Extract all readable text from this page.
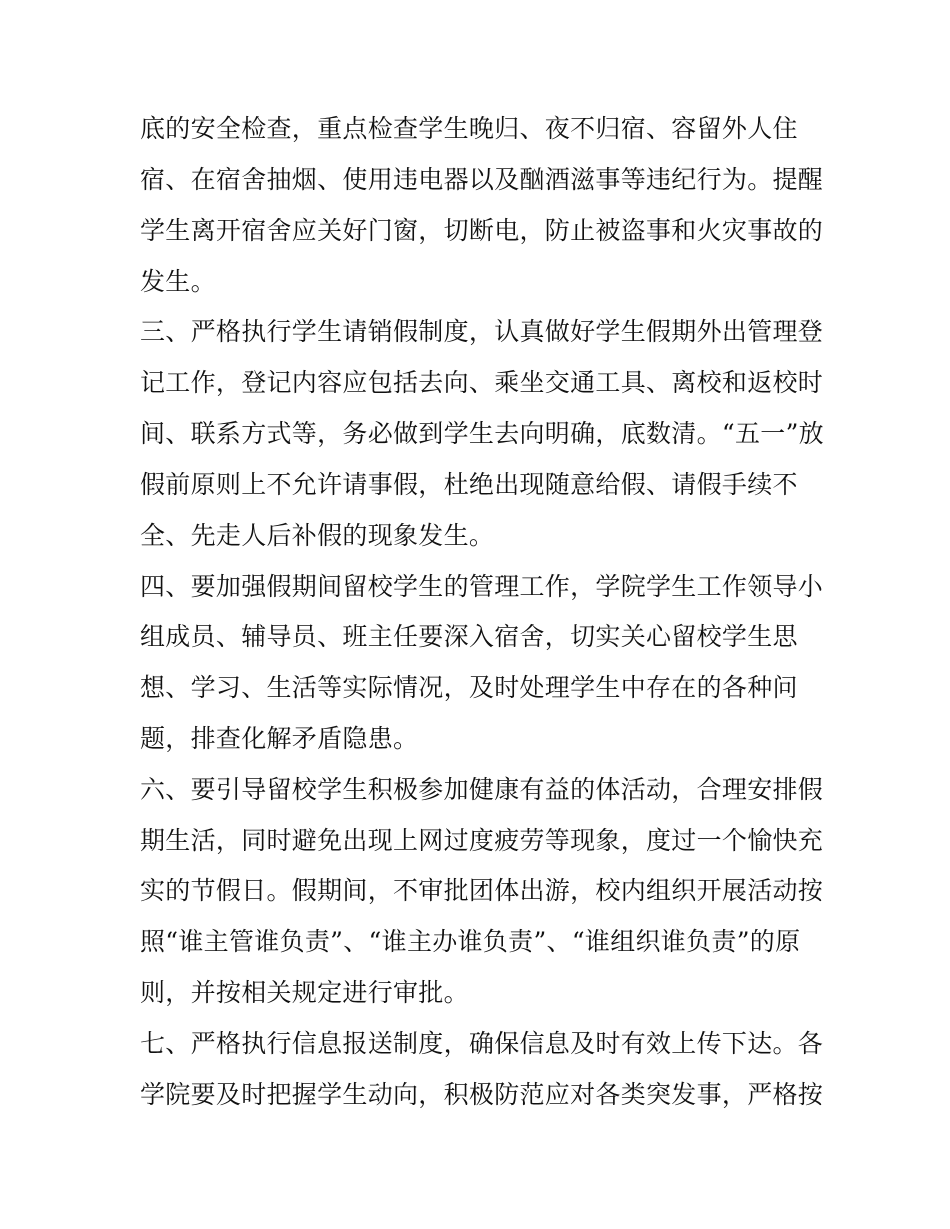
底的安全检查，重点检查学生晚归、夜不归宿、容留外人住
宿、在宿舍抽烟、使用违电器以及酗酒滋事等违纪行为。提醒
学生离开宿舍应关好门窗，切断电，防止被盗事和火灾事故的
发生。
三、严格执行学生请销假制度，认真做好学生假期外出管理登
记工作，登记内容应包括去向、乘坐交通工具、离校和返校时
间、联系方式等，务必做到学生去向明确，底数清。“五一”放
假前原则上不允许请事假，杜绝出现随意给假、请假手续不
全、先走人后补假的现象发生。
四、要加强假期间留校学生的管理工作，学院学生工作领导小
组成员、辅导员、班主任要深入宿舍，切实关心留校学生思
想、学习、生活等实际情况，及时处理学生中存在的各种问
题，排查化解矛盾隐患。
六、要引导留校学生积极参加健康有益的体活动，合理安排假
期生活，同时避免出现上网过度疲劳等现象，度过一个愉快充
实的节假日。假期间，不审批团体出游，校内组织开展活动按
照“谁主管谁负责”、“谁主办谁负责”、“谁组织谁负责”的原
则，并按相关规定进行审批。
七、严格执行信息报送制度，确保信息及时有效上传下达。各
学院要及时把握学生动向，积极防范应对各类突发事，严格按
